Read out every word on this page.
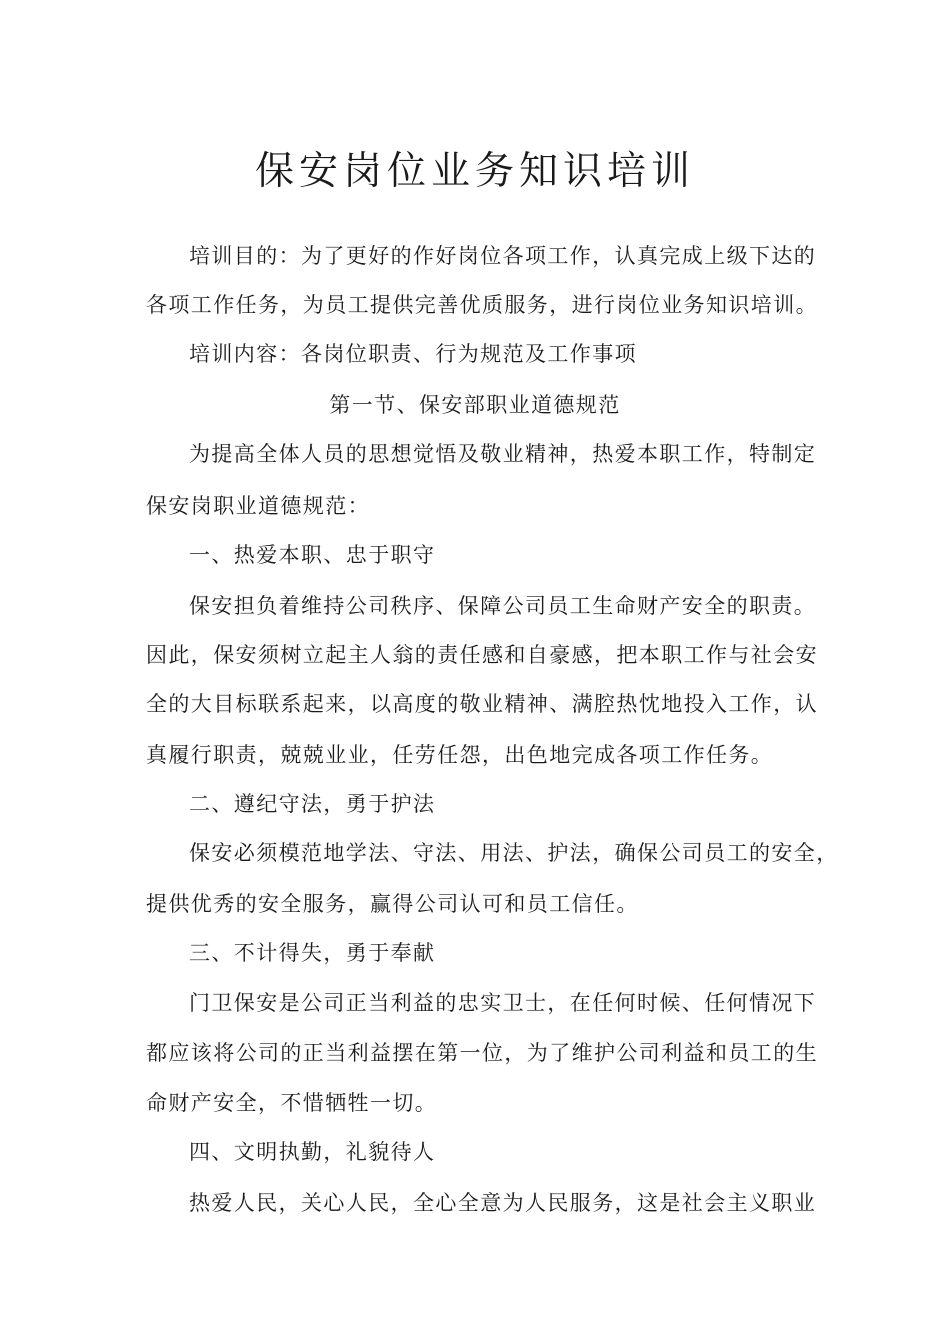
保安岗位业务知识培训
培训目的：为了更好的作好岗位各项工作，认真完成上级下达的
各项工作任务，为员工提供完善优质服务，进行岗位业务知识培训。
培训内容：各岗位职责、行为规范及工作事项
第一节、保安部职业道德规范
为提高全体人员的思想觉悟及敬业精神，热爱本职工作，特制定
保安岗职业道德规范：
一、热爱本职、忠于职守
保安担负着维持公司秩序、保障公司员工生命财产安全的职责。
因此，保安须树立起主人翁的责任感和自豪感，把本职工作与社会安
全的大目标联系起来，以高度的敬业精神、满腔热忱地投入工作，认
真履行职责，兢兢业业，任劳任怨，出色地完成各项工作任务。
二、遵纪守法，勇于护法
保安必须模范地学法、守法、用法、护法，确保公司员工的安全，
提供优秀的安全服务，赢得公司认可和员工信任。
三、不计得失，勇于奉献
门卫保安是公司正当利益的忠实卫士，在任何时候、任何情况下
都应该将公司的正当利益摆在第一位，为了维护公司利益和员工的生
命财产安全，不惜牺牲一切。
四、文明执勤，礼貌待人
热爱人民，关心人民，全心全意为人民服务，这是社会主义职业
